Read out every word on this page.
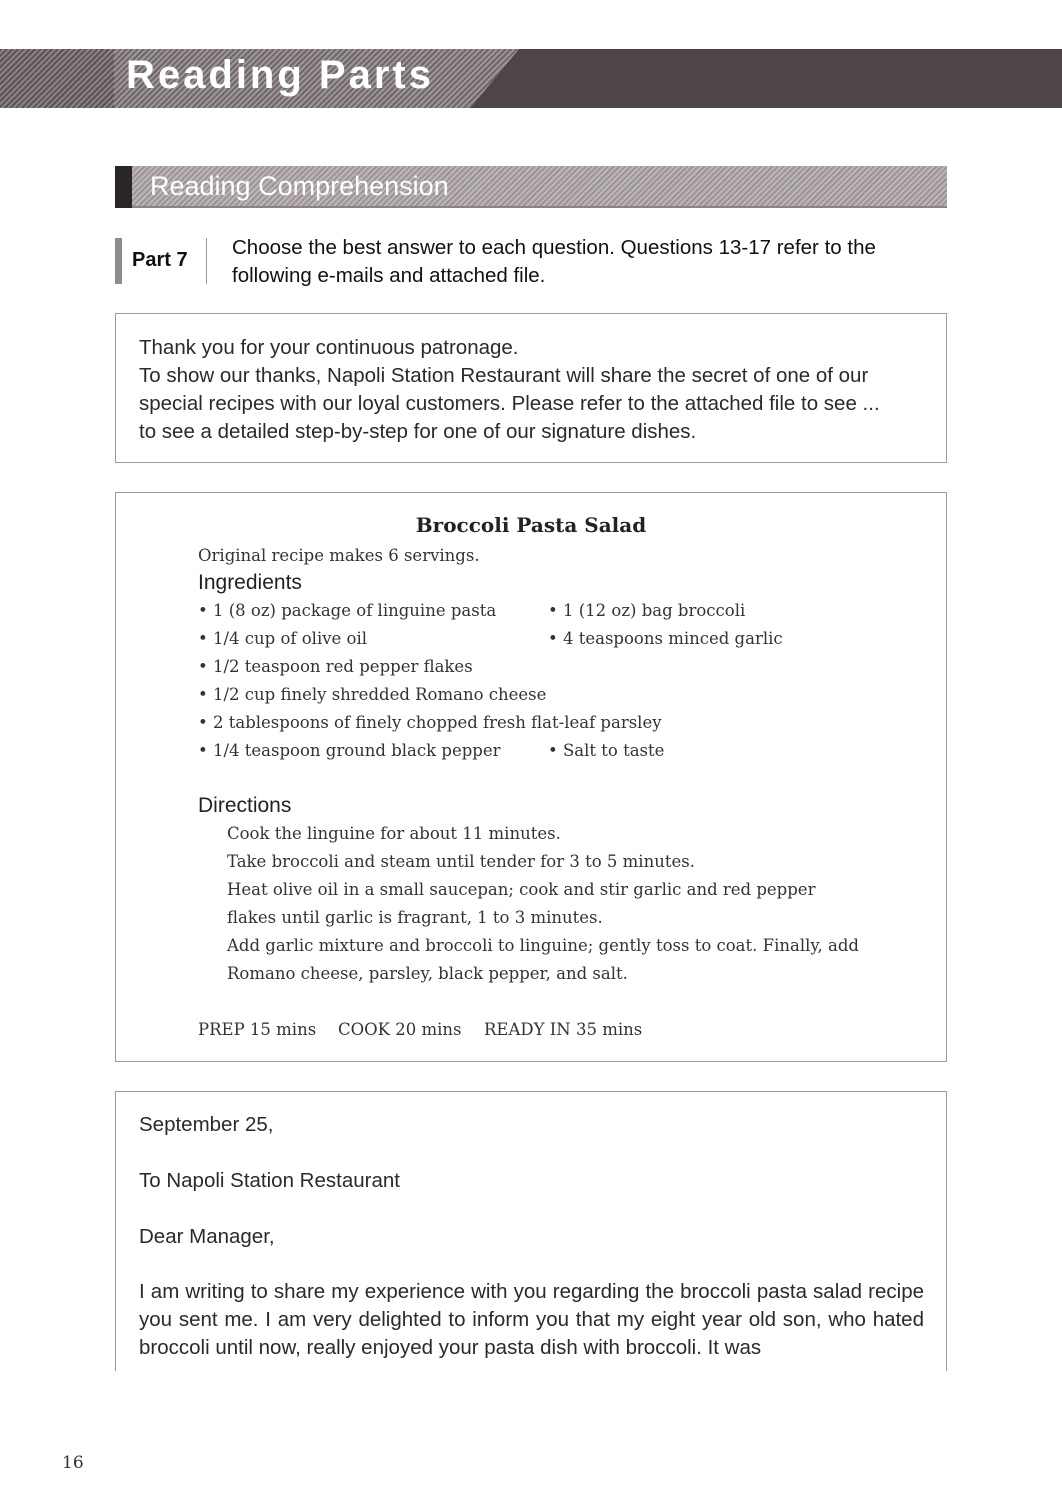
Reading Parts
Reading Comprehension
Part 7
Choose the best answer to each question. Questions 13-17 refer to the
following e-mails and attached file.
Thank you for your continuous patronage.
To show our thanks, Napoli Station Restaurant will share the secret of one of our
special recipes with our loyal customers. Please refer to the attached file to see ...
to see a detailed step-by-step for one of our signature dishes.
Broccoli Pasta Salad
Original recipe makes 6 servings.
Ingredients
• 1 (8 oz) package of linguine pasta	• 1 (12 oz) bag broccoli
• 1/4 cup of olive oil	• 4 teaspoons minced garlic
• 1/2 teaspoon red pepper flakes
• 1/2 cup finely shredded Romano cheese
• 2 tablespoons of finely chopped fresh flat-leaf parsley
• 1/4 teaspoon ground black pepper	• Salt to taste
Directions
Cook the linguine for about 11 minutes.
Take broccoli and steam until tender for 3 to 5 minutes.
Heat olive oil in a small saucepan; cook and stir garlic and red pepper
flakes until garlic is fragrant, 1 to 3 minutes.
Add garlic mixture and broccoli to linguine; gently toss to coat. Finally, add
Romano cheese, parsley, black pepper, and salt.
PREP 15 mins COOK 20 mins READY IN 35 mins
September 25,
To Napoli Station Restaurant
Dear Manager,
I am writing to share my experience with you regarding the broccoli pasta salad recipe you sent me. I am very delighted to inform you that my eight year old son, who hated broccoli until now, really enjoyed your pasta dish with broccoli. It was
16
